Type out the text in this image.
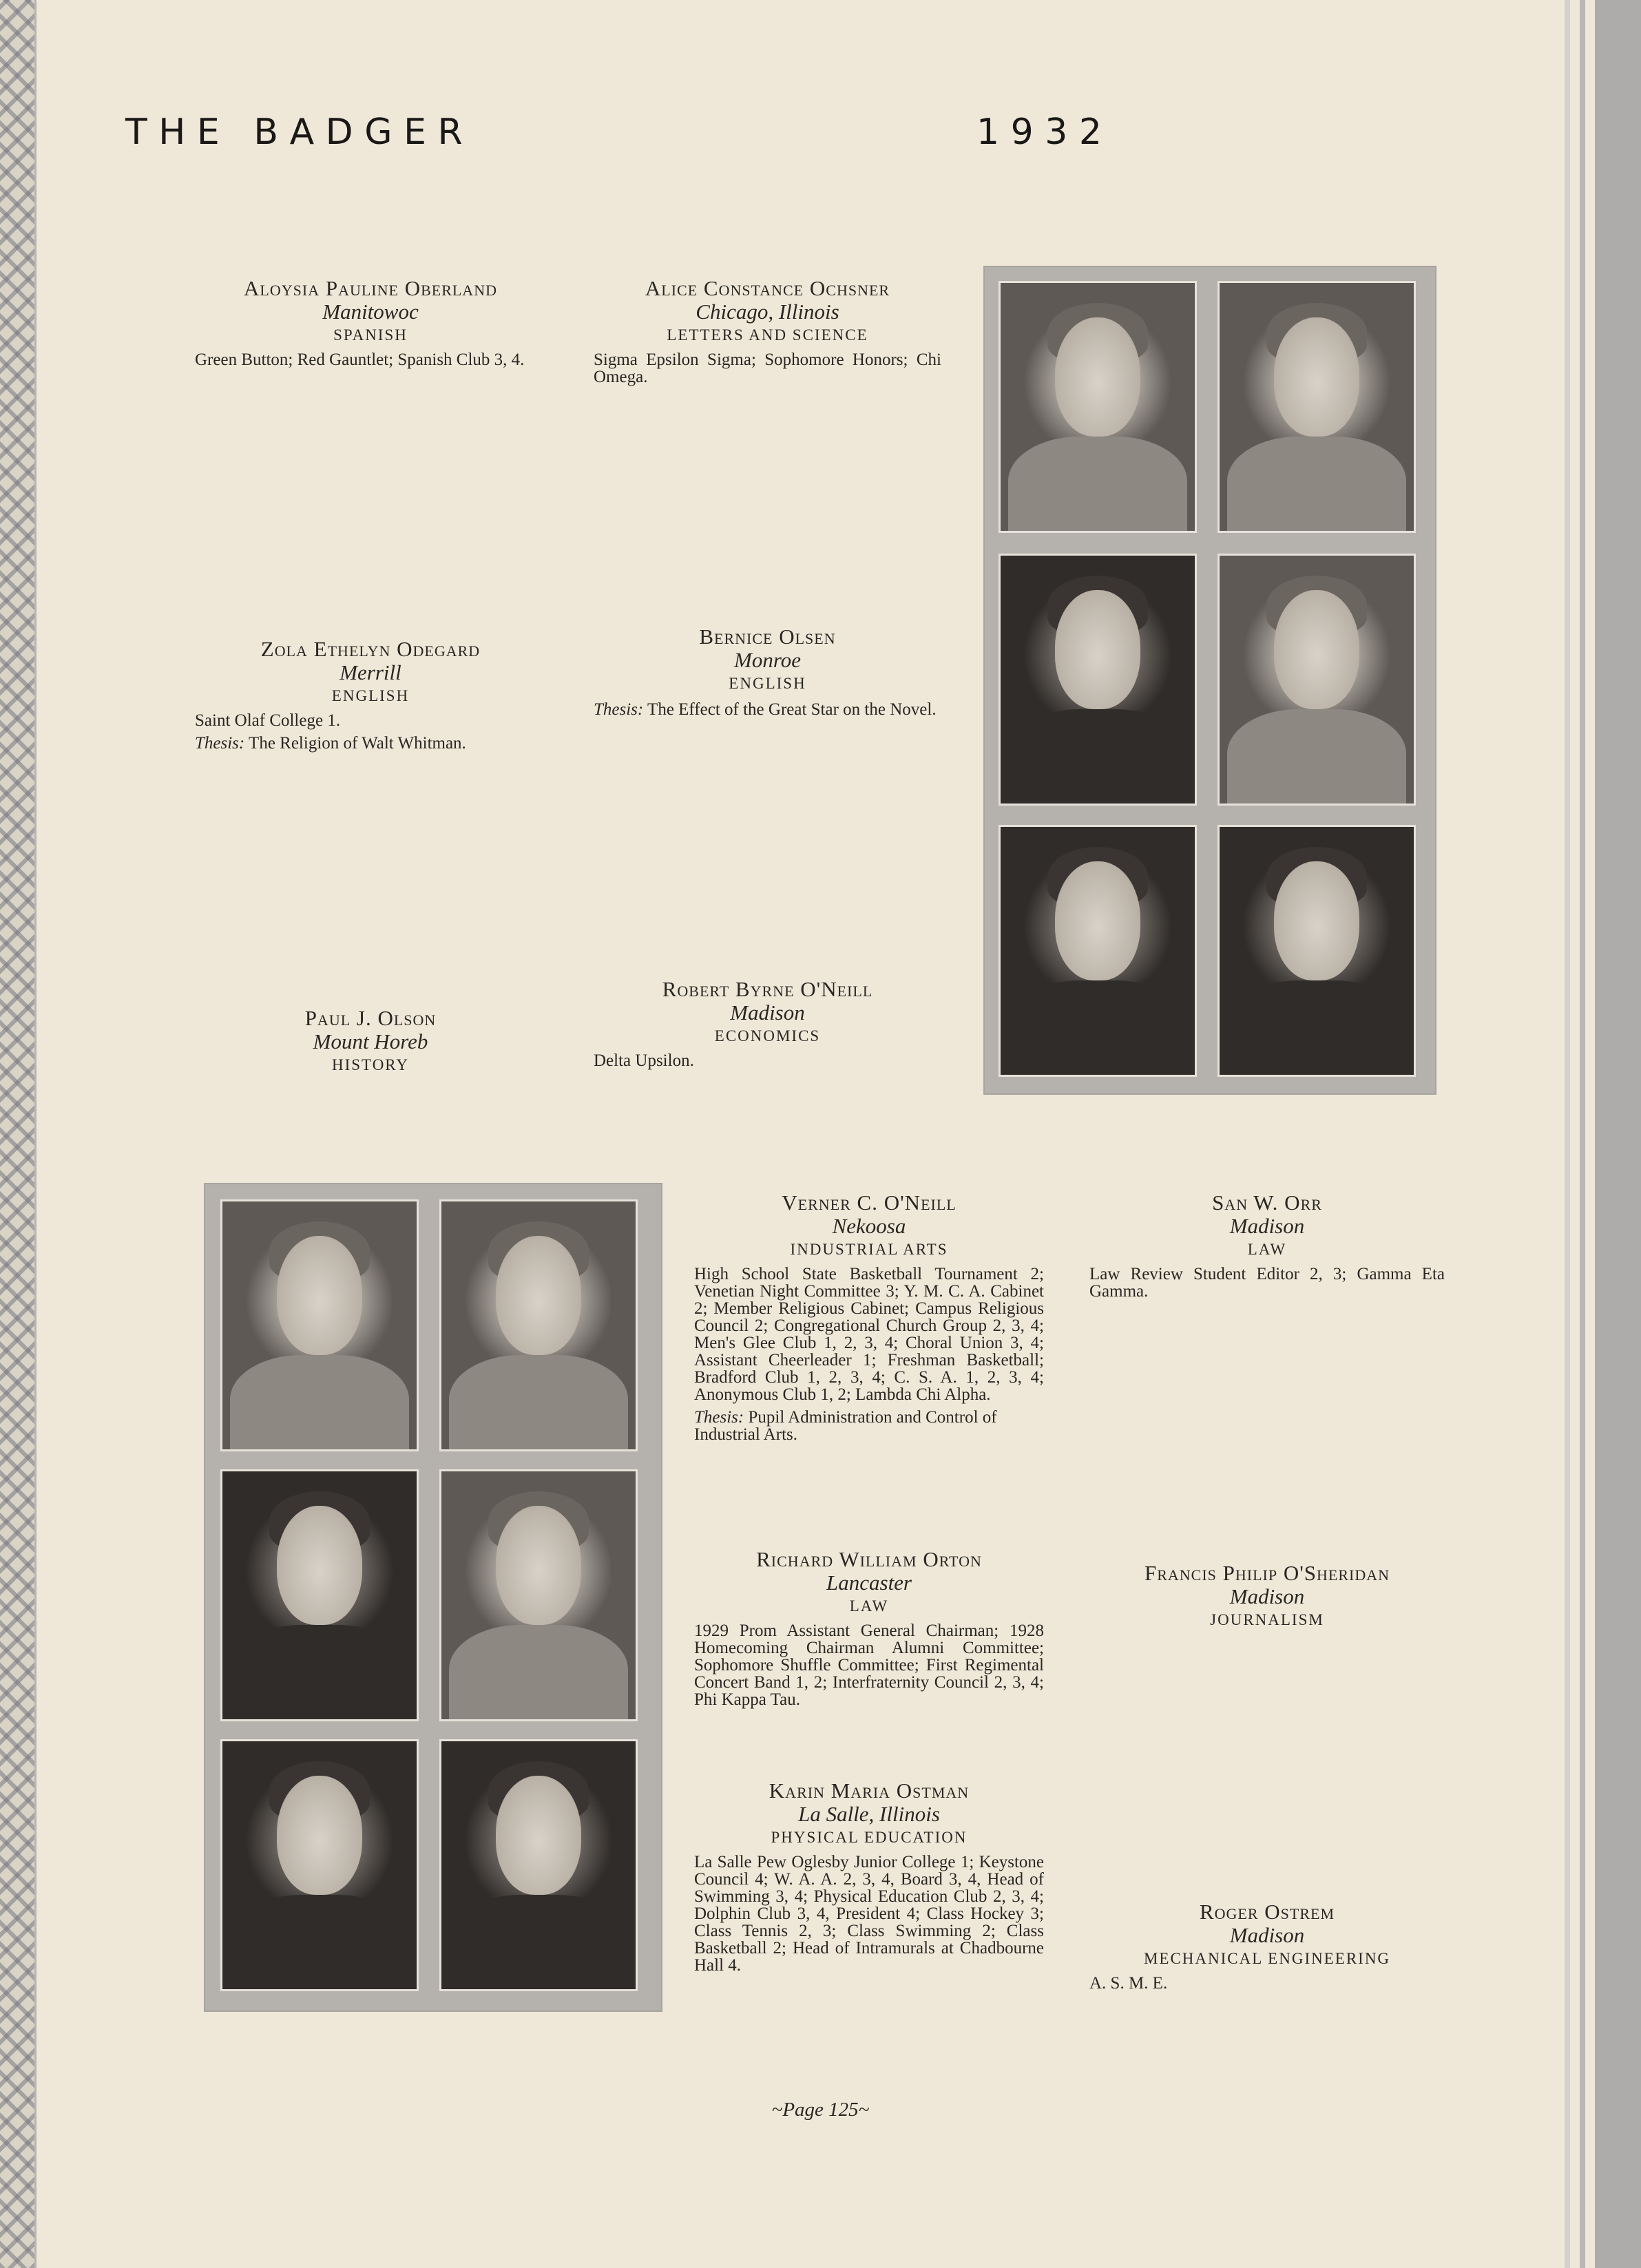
T H E   B A D G E R	1 9 3 2
Aloysia Pauline Oberland
Manitowoc
SPANISH
Green Button; Red Gauntlet; Spanish Club 3, 4.
Alice Constance Ochsner
Chicago, Illinois
LETTERS AND SCIENCE
Sigma Epsilon Sigma; Sophomore Honors; Chi Omega.
Zola Ethelyn Odegard
Merrill
ENGLISH
Saint Olaf College 1.
Thesis: The Religion of Walt Whitman.
Bernice Olsen
Monroe
ENGLISH
Thesis: The Effect of the Great Star on the Novel.
Paul J. Olson
Mount Horeb
HISTORY
Robert Byrne O'Neill
Madison
ECONOMICS
Delta Upsilon.
Verner C. O'Neill
Nekoosa
INDUSTRIAL ARTS
High School State Basketball Tournament 2; Venetian Night Committee 3; Y. M. C. A. Cabinet 2; Member Religious Cabinet; Campus Religious Council 2; Congregational Church Group 2, 3, 4; Men's Glee Club 1, 2, 3, 4; Choral Union 3, 4; Assistant Cheerleader 1; Freshman Basketball; Bradford Club 1, 2, 3, 4; C. S. A. 1, 2, 3, 4; Anonymous Club 1, 2; Lambda Chi Alpha.
Thesis: Pupil Administration and Control of Industrial Arts.
Richard William Orton
Lancaster
LAW
1929 Prom Assistant General Chairman; 1928 Homecoming Chairman Alumni Committee; Sophomore Shuffle Committee; First Regimental Concert Band 1, 2; Interfraternity Council 2, 3, 4; Phi Kappa Tau.
Karin Maria Ostman
La Salle, Illinois
PHYSICAL EDUCATION
La Salle Pew Oglesby Junior College 1; Keystone Council 4; W. A. A. 2, 3, 4, Board 3, 4, Head of Swimming 3, 4; Physical Education Club 2, 3, 4; Dolphin Club 3, 4, President 4; Class Hockey 3; Class Tennis 2, 3; Class Swimming 2; Class Basketball 2; Head of Intramurals at Chadbourne Hall 4.
San W. Orr
Madison
LAW
Law Review Student Editor 2, 3; Gamma Eta Gamma.
Francis Philip O'Sheridan
Madison
JOURNALISM
Roger Ostrem
Madison
MECHANICAL ENGINEERING
A. S. M. E.
~Page 125~
